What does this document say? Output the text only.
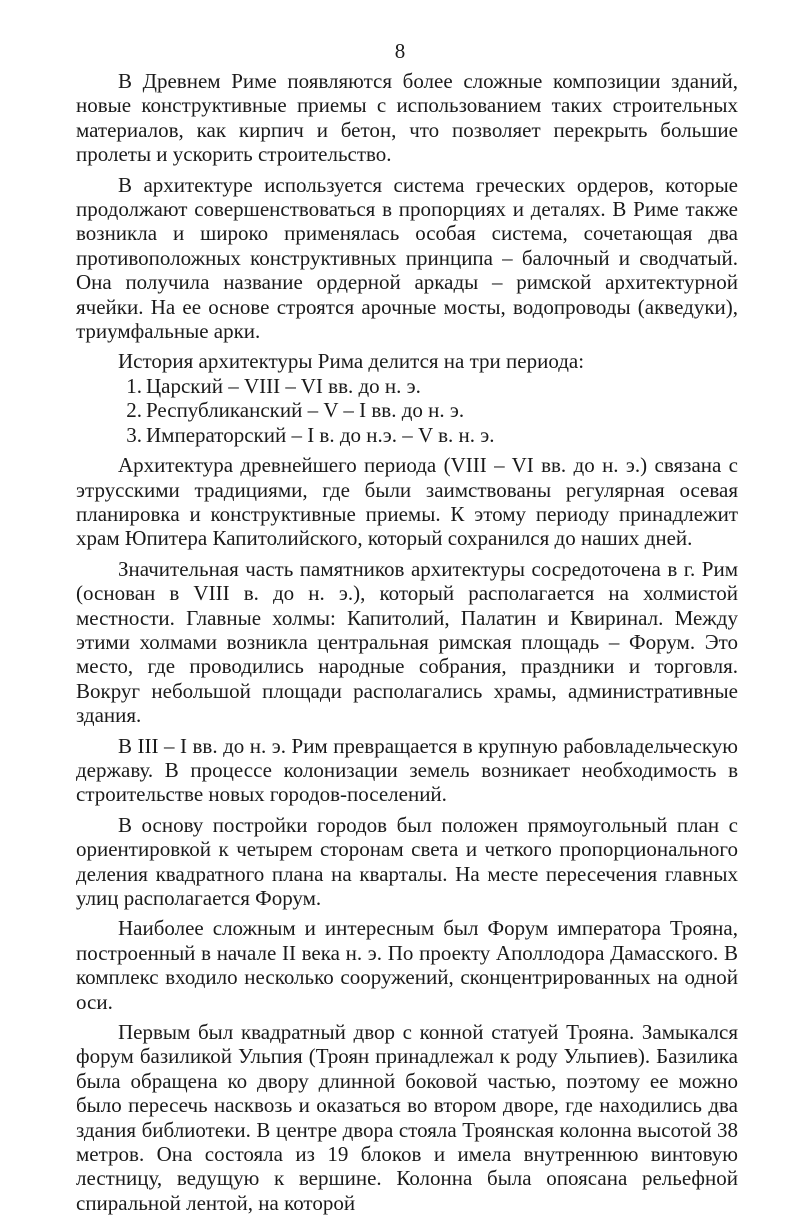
8

В Древнем Риме появляются более сложные композиции зданий, новые конструктивные приемы с использованием таких строительных материалов, как кирпич и бетон, что позволяет перекрыть большие пролеты и ускорить строительство.

В архитектуре используется система греческих ордеров, которые продолжают совершенствоваться в пропорциях и деталях. В Риме также возникла и широко применялась особая система, сочетающая два противоположных конструктивных принципа – балочный и сводчатый. Она получила название ордерной аркады – римской архитектурной ячейки. На ее основе строятся арочные мосты, водопроводы (акведуки), триумфальные арки.

История архитектуры Рима делится на три периода:

1. Царский – VIII – VI вв. до н. э.
2. Республиканский – V – I вв. до н. э.
3. Императорский – I в. до н.э. – V в. н. э.

Архитектура древнейшего периода (VIII – VI вв. до н. э.) связана с этрусскими традициями, где были заимствованы регулярная осевая планировка и конструктивные приемы. К этому периоду принадлежит храм Юпитера Капитолийского, который сохранился до наших дней.

Значительная часть памятников архитектуры сосредоточена в г. Рим (основан в VIII в. до н. э.), который располагается на холмистой местности. Главные холмы: Капитолий, Палатин и Квиринал. Между этими холмами возникла центральная римская площадь – Форум. Это место, где проводились народные собрания, праздники и торговля. Вокруг небольшой площади располагались храмы, административные здания.

В III – I вв. до н. э. Рим превращается в крупную рабовладельческую державу. В процессе колонизации земель возникает необходимость в строительстве новых городов-поселений.

В основу постройки городов был положен прямоугольный план с ориентировкой к четырем сторонам света и четкого пропорционального деления квадратного плана на кварталы. На месте пересечения главных улиц располагается Форум.

Наиболее сложным и интересным был Форум императора Трояна, построенный в начале II века н. э. По проекту Аполлодора Дамасского. В комплекс входило несколько сооружений, сконцентрированных на одной оси.

Первым был квадратный двор с конной статуей Трояна. Замыкался форум базиликой Ульпия (Троян принадлежал к роду Ульпиев). Базилика была обращена ко двору длинной боковой частью, поэтому ее можно было пересечь насквозь и оказаться во втором дворе, где находились два здания библиотеки. В центре двора стояла Троянская колонна высотой 38 метров. Она состояла из 19 блоков и имела внутреннюю винтовую лестницу, ведущую к вершине. Колонна была опоясана рельефной спиральной лентой, на которой
